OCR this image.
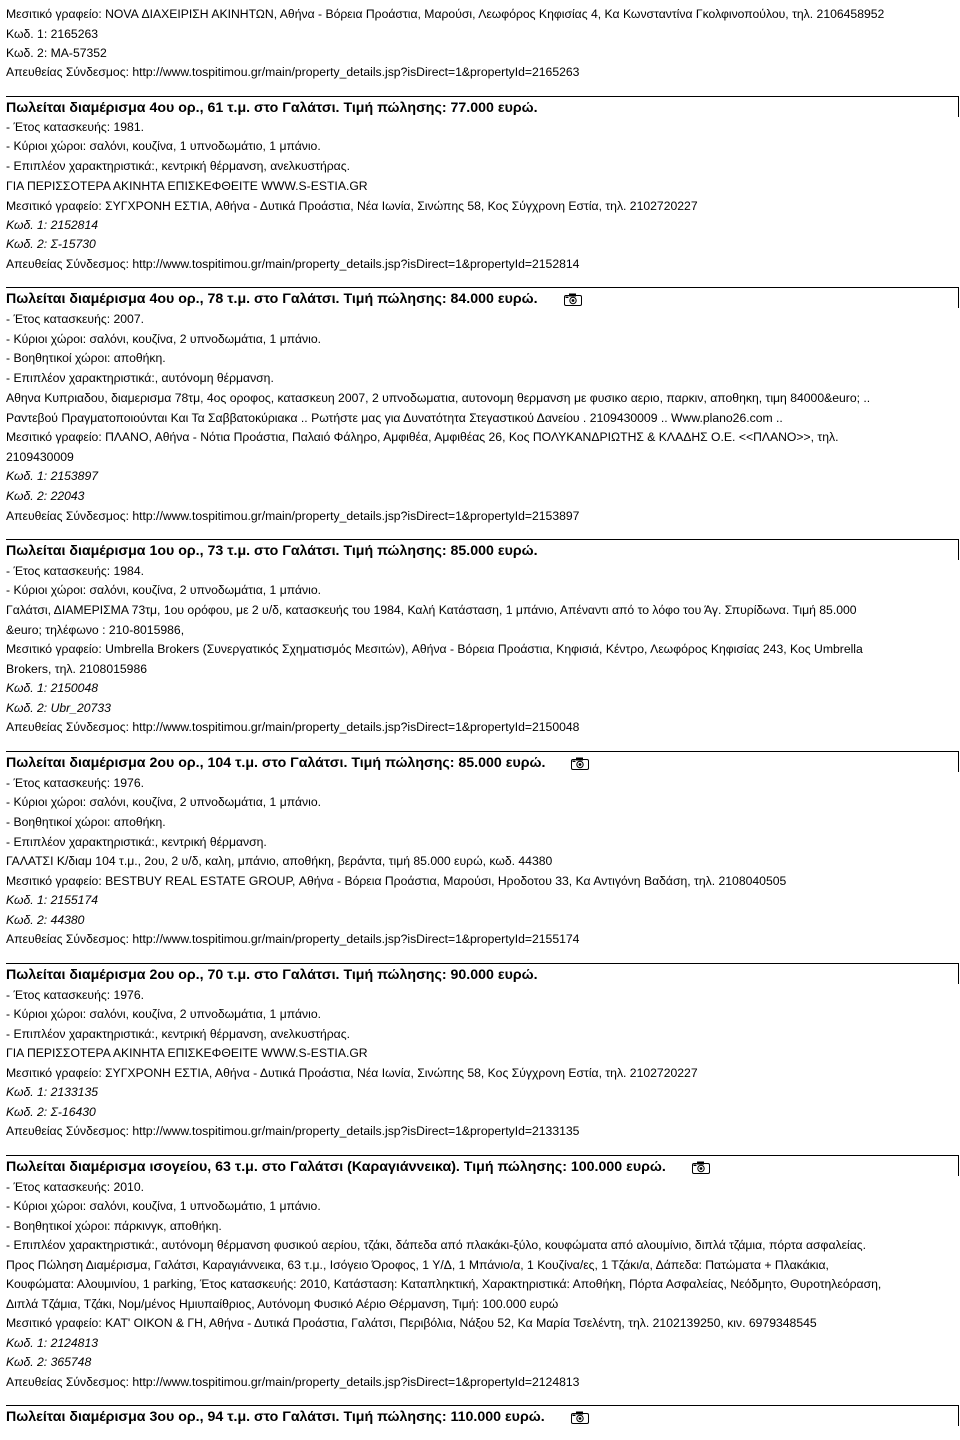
Μεσιτικό γραφείο: NOVA ΔΙΑΧΕΙΡΙΣΗ ΑΚΙΝΗΤΩΝ, Αθήνα - Βόρεια Προάστια, Μαρούσι, Λεωφόρος Κηφισίας 4, Κα Κωνσταντίνα Γκολφινοπούλου, τηλ. 2106458952
Κωδ. 1: 2165263
Κωδ. 2: MA-57352
Απευθείας Σύνδεσμος: http://www.tospitimou.gr/main/property_details.jsp?isDirect=1&propertyId=2165263
Πωλείται διαμέρισμα 4ου ορ., 61 τ.μ. στο Γαλάτσι. Τιμή πώλησης: 77.000 ευρώ.
- Έτος κατασκευής: 1981.
- Κύριοι χώροι: σαλόνι, κουζίνα, 1 υπνοδωμάτιο, 1 μπάνιο.
- Επιπλέον χαρακτηριστικά:, κεντρική θέρμανση, ανελκυστήρας.
ΓΙΑ ΠΕΡΙΣΣΟΤΕΡΑ ΑΚΙΝΗΤΑ ΕΠΙΣΚΕΦΘΕΙΤΕ WWW.S-ESTIA.GR
Μεσιτικό γραφείο: ΣΥΓΧΡΟΝΗ ΕΣΤΙΑ, Αθήνα - Δυτικά Προάστια, Νέα Ιωνία, Σινώπης 58, Κος Σύγχρονη Εστία, τηλ. 2102720227
Κωδ. 1: 2152814
Κωδ. 2: Σ-15730
Απευθείας Σύνδεσμος: http://www.tospitimou.gr/main/property_details.jsp?isDirect=1&propertyId=2152814
Πωλείται διαμέρισμα 4ου ορ., 78 τ.μ. στο Γαλάτσι. Τιμή πώλησης: 84.000 ευρώ.
- Έτος κατασκευής: 2007.
- Κύριοι χώροι: σαλόνι, κουζίνα, 2 υπνοδωμάτια, 1 μπάνιο.
- Βοηθητικοί χώροι: αποθήκη.
- Επιπλέον χαρακτηριστικά:, αυτόνομη θέρμανση.
Αθηνα Κυπριαδου, διαμερισμα 78τμ, 4ος οροφος, κατασκευη 2007, 2 υπνοδωματια, αυτονομη θερμανση με φυσικο αεριο, παρκιν, αποθηκη, τιμη 84000&euro; ..
Ραντεβού Πραγματοποιούνται Και Τα Σαββατοκύριακα .. Ρωτήστε μας για Δυνατότητα Στεγαστικού Δανείου . 2109430009 .. Www.plano26.com ..
Μεσιτικό γραφείο: ΠΛΑΝΟ, Αθήνα - Νότια Προάστια, Παλαιό Φάληρο, Αμφιθέα, Αμφιθέας 26, Κος ΠΟΛΥΚΑΝΔΡΙΩΤΗΣ & ΚΛΑΔΗΣ Ο.Ε. <<ΠΛΑΝΟ>>, τηλ.
2109430009
Κωδ. 1: 2153897
Κωδ. 2: 22043
Απευθείας Σύνδεσμος: http://www.tospitimou.gr/main/property_details.jsp?isDirect=1&propertyId=2153897
Πωλείται διαμέρισμα 1ου ορ., 73 τ.μ. στο Γαλάτσι. Τιμή πώλησης: 85.000 ευρώ.
- Έτος κατασκευής: 1984.
- Κύριοι χώροι: σαλόνι, κουζίνα, 2 υπνοδωμάτια, 1 μπάνιο.
Γαλάτσι, ΔΙΑΜΕΡΙΣΜΑ 73τμ, 1ου ορόφου, με 2 υ/δ, κατασκευής του 1984, Καλή Κατάσταση, 1 μπάνιο, Απέναντι από το λόφο του Άγ. Σπυρίδωνα. Τιμή 85.000
&euro; τηλέφωνο : 210-8015986,
Μεσιτικό γραφείο: Umbrella Brokers (Συνεργατικός Σχηματισμός Μεσιτών), Αθήνα - Βόρεια Προάστια, Κηφισιά, Κέντρο, Λεωφόρος Κηφισίας 243, Κος Umbrella
Brokers, τηλ. 2108015986
Κωδ. 1: 2150048
Κωδ. 2: Ubr_20733
Απευθείας Σύνδεσμος: http://www.tospitimou.gr/main/property_details.jsp?isDirect=1&propertyId=2150048
Πωλείται διαμέρισμα 2ου ορ., 104 τ.μ. στο Γαλάτσι. Τιμή πώλησης: 85.000 ευρώ.
- Έτος κατασκευής: 1976.
- Κύριοι χώροι: σαλόνι, κουζίνα, 2 υπνοδωμάτια, 1 μπάνιο.
- Βοηθητικοί χώροι: αποθήκη.
- Επιπλέον χαρακτηριστικά:, κεντρική θέρμανση.
ΓΑΛΑΤΣΙ Κ/διαμ 104 τ.μ., 2ου, 2 υ/δ, καλη, μπάνιο, αποθήκη, βεράντα, τιμή 85.000 ευρώ, κωδ. 44380
Μεσιτικό γραφείο: BESTBUY REAL ESTATE GROUP, Αθήνα - Βόρεια Προάστια, Μαρούσι, Ηροδοτου 33, Κα Αντιγόνη Βαδάση, τηλ. 2108040505
Κωδ. 1: 2155174
Κωδ. 2: 44380
Απευθείας Σύνδεσμος: http://www.tospitimou.gr/main/property_details.jsp?isDirect=1&propertyId=2155174
Πωλείται διαμέρισμα 2ου ορ., 70 τ.μ. στο Γαλάτσι. Τιμή πώλησης: 90.000 ευρώ.
- Έτος κατασκευής: 1976.
- Κύριοι χώροι: σαλόνι, κουζίνα, 2 υπνοδωμάτια, 1 μπάνιο.
- Επιπλέον χαρακτηριστικά:, κεντρική θέρμανση, ανελκυστήρας.
ΓΙΑ ΠΕΡΙΣΣΟΤΕΡΑ ΑΚΙΝΗΤΑ ΕΠΙΣΚΕΦΘΕΙΤΕ WWW.S-ESTIA.GR
Μεσιτικό γραφείο: ΣΥΓΧΡΟΝΗ ΕΣΤΙΑ, Αθήνα - Δυτικά Προάστια, Νέα Ιωνία, Σινώπης 58, Κος Σύγχρονη Εστία, τηλ. 2102720227
Κωδ. 1: 2133135
Κωδ. 2: Σ-16430
Απευθείας Σύνδεσμος: http://www.tospitimou.gr/main/property_details.jsp?isDirect=1&propertyId=2133135
Πωλείται διαμέρισμα ισογείου, 63 τ.μ. στο Γαλάτσι (Καραγιάννεικα). Τιμή πώλησης: 100.000 ευρώ.
- Έτος κατασκευής: 2010.
- Κύριοι χώροι: σαλόνι, κουζίνα, 1 υπνοδωμάτιο, 1 μπάνιο.
- Βοηθητικοί χώροι: πάρκινγκ, αποθήκη.
- Επιπλέον χαρακτηριστικά:, αυτόνομη θέρμανση φυσικού αερίου, τζάκι, δάπεδα από πλακάκι-ξύλο, κουφώματα από αλουμίνιο, διπλά τζάμια, πόρτα ασφαλείας.
Προς Πώληση Διαμέρισμα, Γαλάτσι, Καραγιάννεικα, 63 τ.μ., Ισόγειο Όροφος, 1 Υ/Δ, 1 Μπάνιο/α, 1 Κουζίνα/ες, 1 Τζάκι/α, Δάπεδα: Πατώματα + Πλακάκια,
Κουφώματα: Αλουμινίου, 1 parking, Έτος κατασκευής: 2010, Κατάσταση: Καταπληκτική, Χαρακτηριστικά: Αποθήκη, Πόρτα Ασφαλείας, Νεόδμητο, Θυροτηλεόραση,
Διπλά Τζάμια, Τζάκι, Νομ/μένος Ημιυπαίθριος, Αυτόνομη Φυσικό Αέριο Θέρμανση, Τιμή: 100.000 ευρώ
Μεσιτικό γραφείο: ΚΑΤ' ΟΙΚΟΝ & ΓΗ, Αθήνα - Δυτικά Προάστια, Γαλάτσι, Περιβόλια, Νάξου 52, Κα Μαρία Τσελέντη, τηλ. 2102139250, κιν. 6979348545
Κωδ. 1: 2124813
Κωδ. 2: 365748
Απευθείας Σύνδεσμος: http://www.tospitimou.gr/main/property_details.jsp?isDirect=1&propertyId=2124813
Πωλείται διαμέρισμα 3ου ορ., 94 τ.μ. στο Γαλάτσι. Τιμή πώλησης: 110.000 ευρώ.
